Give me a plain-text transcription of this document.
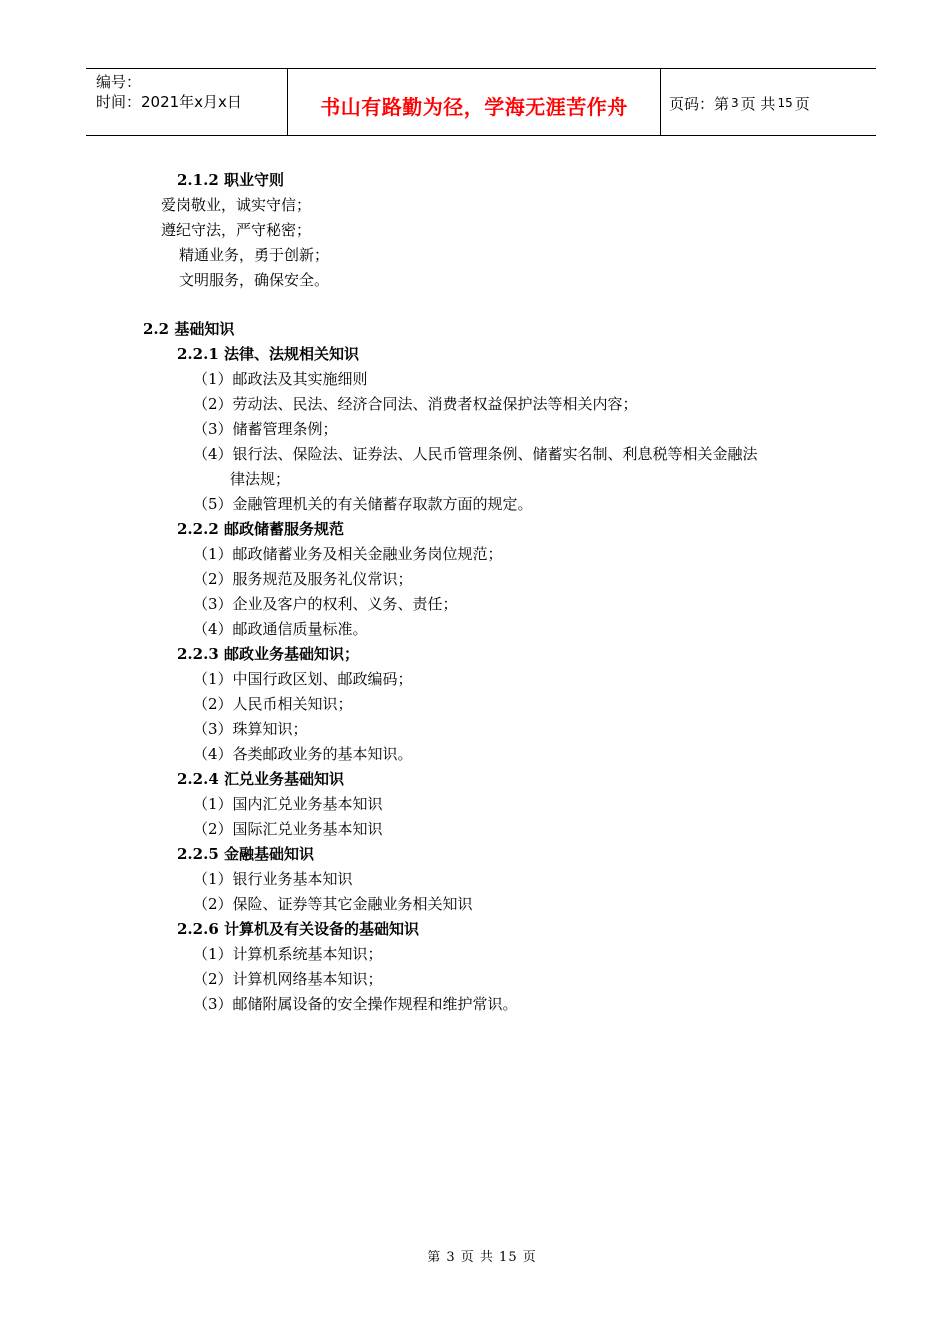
编号：
时间：2021年x月x日	书山有路勤为径，学海无涯苦作舟	页码：第 3 页 共 15 页
2.1.2 职业守则
爱岗敬业，诚实守信；
遵纪守法，严守秘密；
精通业务，勇于创新；
文明服务，确保安全。
2.2 基础知识
2.2.1 法律、法规相关知识
（1）邮政法及其实施细则
（2）劳动法、民法、经济合同法、消费者权益保护法等相关内容；
（3）储蓄管理条例；
（4）银行法、保险法、证券法、人民币管理条例、储蓄实名制、利息税等相关金融法
律法规；
（5）金融管理机关的有关储蓄存取款方面的规定。
2.2.2 邮政储蓄服务规范
（1）邮政储蓄业务及相关金融业务岗位规范；
（2）服务规范及服务礼仪常识；
（3）企业及客户的权利、义务、责任；
（4）邮政通信质量标准。
2.2.3 邮政业务基础知识；
（1）中国行政区划、邮政编码；
（2）人民币相关知识；
（3）珠算知识；
（4）各类邮政业务的基本知识。
2.2.4 汇兑业务基础知识
（1）国内汇兑业务基本知识
（2）国际汇兑业务基本知识
2.2.5 金融基础知识
（1）银行业务基本知识
（2）保险、证券等其它金融业务相关知识
2.2.6 计算机及有关设备的基础知识
（1）计算机系统基本知识；
（2）计算机网络基本知识；
（3）邮储附属设备的安全操作规程和维护常识。
第 3 页 共 15 页
